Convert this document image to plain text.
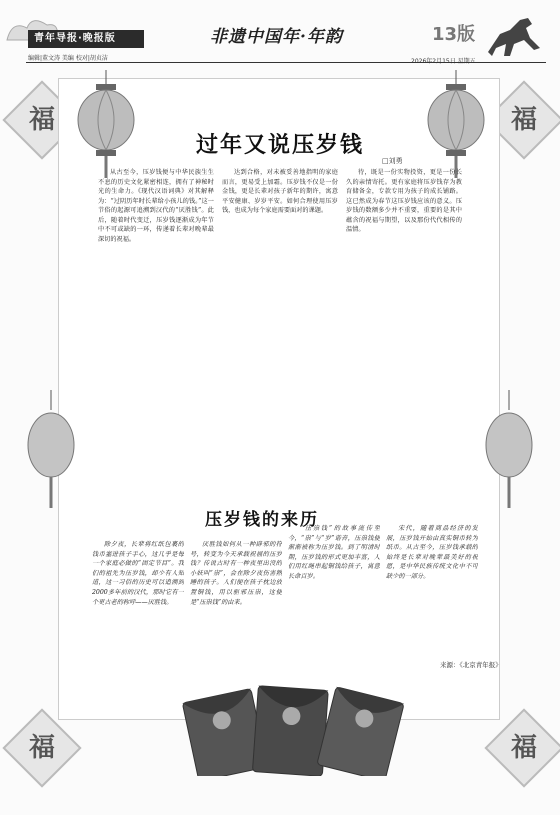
青年导报·晚报版
编辑|董文涛 美编 校对|胡贞洁
非遗中国年·年韵	13版
福	福
福	福
过年又说压岁钱
□刘勇

从古至今，压岁钱便与中华民族生生不息的历史文化紧密相连，拥有了神秘时光的生命力。《现代汉语词典》对其解释为：“过阴历年时长辈给小孩儿的钱。”这一节俗的起源可追溯到汉代的“厌胜钱”。此后，随着时代变迁，压岁钱逐渐成为年节中不可或缺的一环，传递着长辈对晚辈最深切的祝福。

达到合格，对未被妥善地指明的家庭而言，更易受上加霜。压岁钱不仅是一份金钱，更是长辈对孩子新年的期许，寓意平安健康、岁岁平安。如何合理使用压岁钱，也成为每个家庭需要面对的课题。

待，既是一份实物投资，更是一份长久的亲情寄托。更有家庭将压岁钱存为教育储备金，专款专用为孩子的成长铺路。这已然成为春节这压岁钱应该的意义。压岁钱的数额多少并不重要，重要的是其中蕴含的祝福与期望，以及那份代代相传的温情。

压岁钱的来历

除夕夜，长辈将红纸包裹的钱币塞进孩子手心，这几乎是每一个家庭必做的“固定节目”。我们的祖先为压岁钱，却少有人知道，这一习俗的历史可以追溯到2000多年前的汉代，那时它有一个更古老的称呼——厌胜钱。

厌胜钱如何从一种辟邪的符号，转变为今天承载祝福的压岁钱？传说古时有一种夜里出没的小妖叫“祟”，会在除夕夜伤害熟睡的孩子。人们便在孩子枕边放置铜钱，用以驱邪压祟，这便是“压祟钱”的由来。

“压祟钱”的故事流传至今，“祟”与“岁”谐音，压祟钱便渐渐被称为压岁钱。到了明清时期，压岁钱的形式更加丰富，人们用红绳串起铜钱给孩子，寓意长命百岁。

宋代，随着商品经济的发展，压岁钱开始由真实铜币转为纸币。从古至今，压岁钱承载的始终是长辈对晚辈最美好的祝愿，是中华民族传统文化中不可缺少的一部分。

来源：《北京青年报》
